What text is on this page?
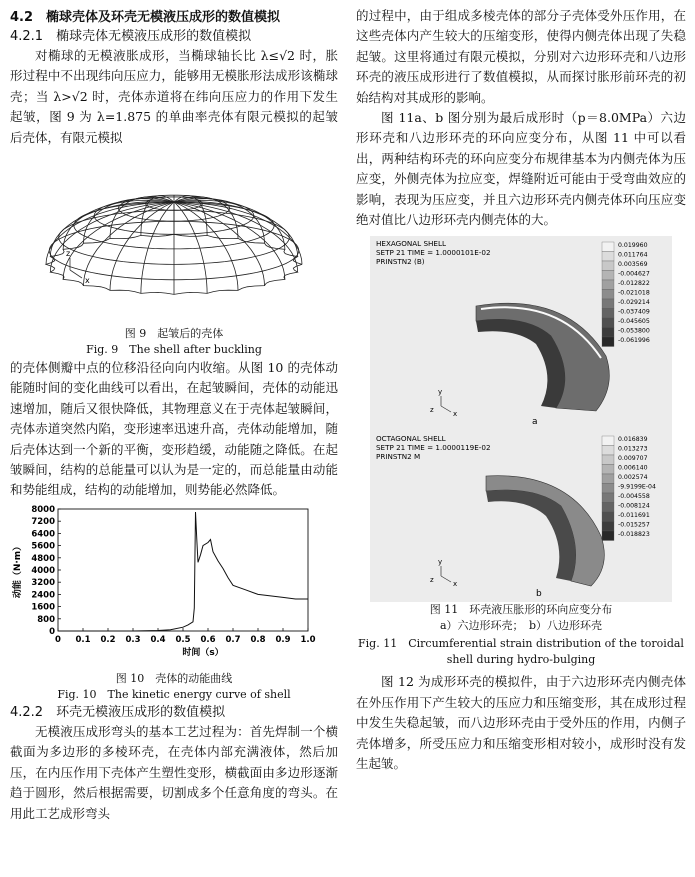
4.2　椭球壳体及环壳无模液压成形的数值模拟
4.2.1　椭球壳体无模液压成形的数值模拟

对椭球的无模液胀成形，当椭球轴长比 λ≤√2 时，胀形过程中不出现纬向压应力，能够用无模胀形法成形该椭球壳；当 λ>√2 时，壳体赤道将在纬向压应力的作用下发生起皱，图 9 为 λ=1.875 的单曲率壳体有限元模拟的起皱后壳体，有限元模拟

x
z
图 9　起皱后的壳体
Fig. 9　The shell after buckling

的壳体侧瓣中点的位移沿径向向内收缩。从图 10 的壳体动能随时间的变化曲线可以看出，在起皱瞬间，壳体的动能迅速增加，随后又很快降低，其物理意义在于壳体起皱瞬间，壳体赤道突然内陷，变形速率迅速升高，壳体动能增加，随后壳体达到一个新的平衡，变形趋缓，动能随之降低。在起皱瞬间，结构的总能量可以认为是一定的，而总能量由动能和势能组成，结构的动能增加，则势能必然降低。

0
800
1600
2400
3200
4000
4800
5600
6400
7200
8000
0 0.1 0.2 0.3 0.4 0.5 0.6 0.7 0.8 0.9 1.0
时间（s）
动能（N·m）
图 10　壳体的动能曲线
Fig. 10　The kinetic energy curve of shell
4.2.2　环壳无模液压成形的数值模拟

无模液压成形弯头的基本工艺过程为：首先焊制一个横截面为多边形的多棱环壳，在壳体内部充满液体，然后加压，在内压作用下壳体产生塑性变形，横截面由多边形逐渐趋于圆形，然后根据需要，切割成多个任意角度的弯头。在用此工艺成形弯头

的过程中，由于组成多棱壳体的部分子壳体受外压作用，在这些壳体内产生较大的压缩变形，使得内侧壳体出现了失稳起皱。这里将通过有限元模拟，分别对六边形环壳和八边形环壳的液压成形进行了数值模拟，从而探讨胀形前环壳的初始结构对其成形的影响。

图 11a、b 图分别为最后成形时（p＝8.0MPa）六边形环壳和八边形环壳的环向应变分布，从图 11 中可以看出，两种结构环壳的环向应变分布规律基本为内侧壳体为压应变，外侧壳体为拉应变，焊缝附近可能由于受弯曲效应的影响，表现为压应变，并且六边形环壳内侧壳体环向压应变绝对值比八边形环壳内侧壳体的大。

HEXAGONAL SHELL
SETP 21 TIME = 1.0000101E-02
PRINSTN2 (B)
0.019960
0.011764
0.003569
-0.004627
-0.012822
-0.021018
-0.029214
-0.037409
-0.045605
-0.053800
-0.061996
x
y
z
a
OCTAGONAL SHELL
SETP 21 TIME = 1.0000119E-02
PRINSTN2 M
0.016839
0.013273
0.009707
0.006140
0.002574
-9.9199E-04
-0.004558
-0.008124
-0.011691
-0.015257
-0.018823
x
y
z
b
图 11　环壳液压胀形的环向应变分布
a）六边形环壳；　b）八边形环壳
Fig. 11　Circumferential strain distribution of the toroidal
shell during hydro-bulging

图 12 为成形环壳的模拟件，由于六边形环壳内侧壳体在外压作用下产生较大的压应力和压缩变形，其在成形过程中发生失稳起皱，而八边形环壳由于受外压的作用，内侧子壳体增多，所受压应力和压缩变形相对较小，成形时没有发生起皱。
